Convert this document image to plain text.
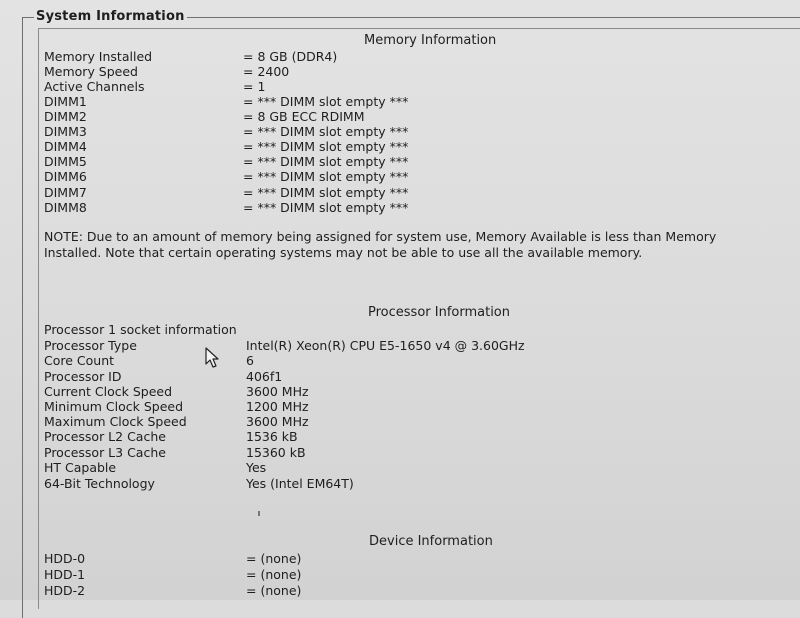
System Information
Memory Information
Memory Installed	= 8 GB (DDR4)
Memory Speed	= 2400
Active Channels	= 1
DIMM1	= *** DIMM slot empty ***
DIMM2	= 8 GB ECC RDIMM
DIMM3	= *** DIMM slot empty ***
DIMM4	= *** DIMM slot empty ***
DIMM5	= *** DIMM slot empty ***
DIMM6	= *** DIMM slot empty ***
DIMM7	= *** DIMM slot empty ***
DIMM8	= *** DIMM slot empty ***
NOTE: Due to an amount of memory being assigned for system use, Memory Available is less than Memory Installed. Note that certain operating systems may not be able to use all the available memory.
Processor Information
Processor 1 socket information
Processor Type	Intel(R) Xeon(R) CPU E5-1650 v4 @ 3.60GHz
Core Count	6
Processor ID	406f1
Current Clock Speed	3600 MHz
Minimum Clock Speed	1200 MHz
Maximum Clock Speed	3600 MHz
Processor L2 Cache	1536 kB
Processor L3 Cache	15360 kB
HT Capable	Yes
64-Bit Technology	Yes (Intel EM64T)
Device Information
HDD-0	= (none)
HDD-1	= (none)
HDD-2	= (none)
